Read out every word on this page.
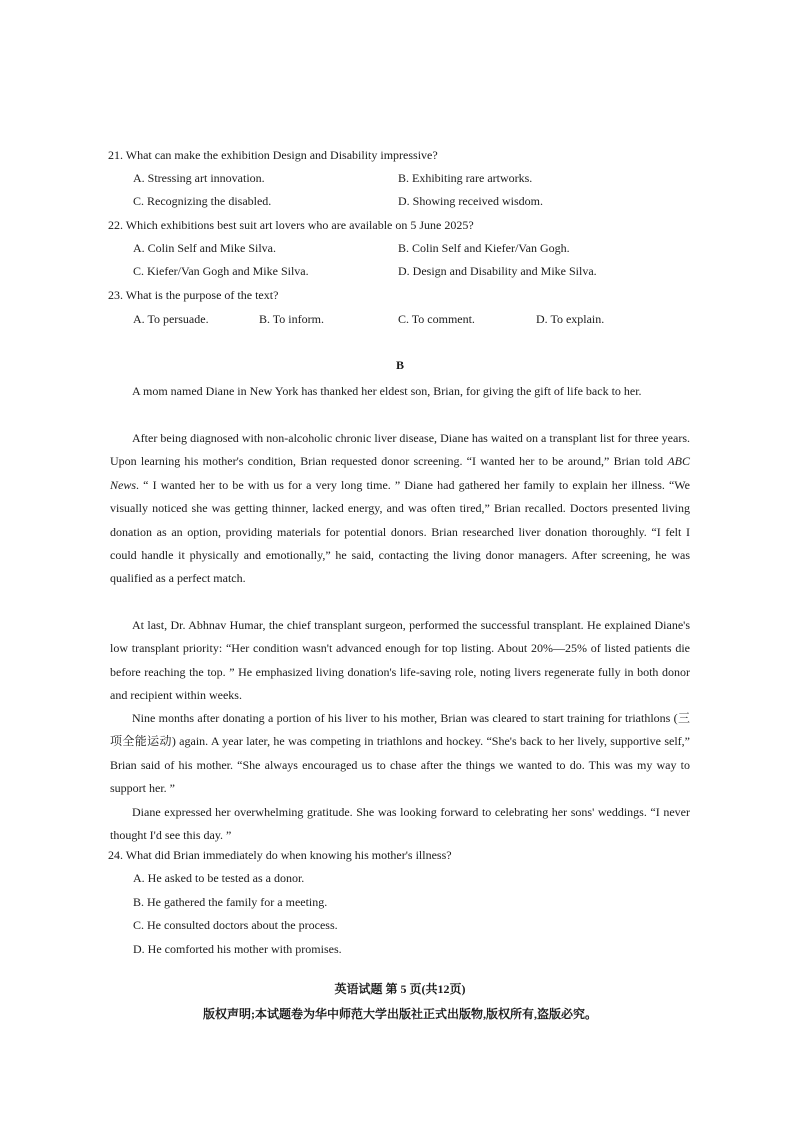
21. What can make the exhibition Design and Disability impressive?
A. Stressing art innovation.	B. Exhibiting rare artworks.
C. Recognizing the disabled.	D. Showing received wisdom.
22. Which exhibitions best suit art lovers who are available on 5 June 2025?
A. Colin Self and Mike Silva.	B. Colin Self and Kiefer/Van Gogh.
C. Kiefer/Van Gogh and Mike Silva.	D. Design and Disability and Mike Silva.
23. What is the purpose of the text?
A. To persuade.	B. To inform.	C. To comment.	D. To explain.
B
A mom named Diane in New York has thanked her eldest son, Brian, for giving the gift of life back to her.
After being diagnosed with non-alcoholic chronic liver disease, Diane has waited on a transplant list for three years. Upon learning his mother's condition, Brian requested donor screening. “I wanted her to be around,” Brian told ABC News. “ I wanted her to be with us for a very long time. ” Diane had gathered her family to explain her illness. “We visually noticed she was getting thinner, lacked energy, and was often tired,” Brian recalled. Doctors presented living donation as an option, providing materials for potential donors. Brian researched liver donation thoroughly. “I felt I could handle it physically and emotionally,” he said, contacting the living donor managers. After screening, he was qualified as a perfect match.
At last, Dr. Abhnav Humar, the chief transplant surgeon, performed the successful transplant. He explained Diane's low transplant priority: “Her condition wasn't advanced enough for top listing. About 20%—25% of listed patients die before reaching the top. ” He emphasized living donation's life-saving role, noting livers regenerate fully in both donor and recipient within weeks.
Nine months after donating a portion of his liver to his mother, Brian was cleared to start training for triathlons (三项全能运动) again. A year later, he was competing in triathlons and hockey. “She's back to her lively, supportive self,” Brian said of his mother. “She always encouraged us to chase after the things we wanted to do. This was my way to support her. ”
Diane expressed her overwhelming gratitude. She was looking forward to celebrating her sons' weddings. “I never thought I'd see this day. ”
24. What did Brian immediately do when knowing his mother's illness?
A. He asked to be tested as a donor.
B. He gathered the family for a meeting.
C. He consulted doctors about the process.
D. He comforted his mother with promises.
英语试题 第 5 页(共12页)
版权声明;本试题卷为华中师范大学出版社正式出版物,版权所有,盗版必究。
